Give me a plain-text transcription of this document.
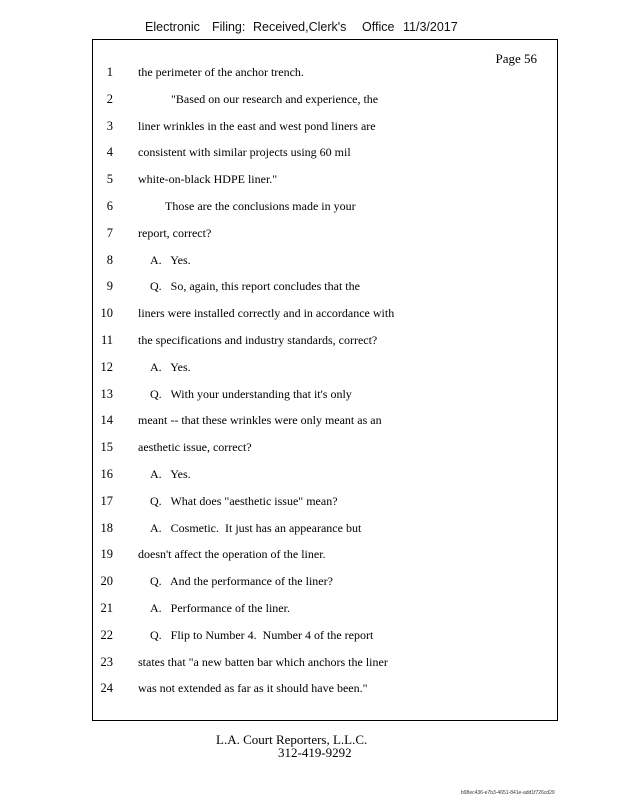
Electronic Filing: Received,Clerk's Office 11/3/2017
Page 56
1 the perimeter of the anchor trench.
2	"Based on our research and experience, the
3 liner wrinkles in the east and west pond liners are
4 consistent with similar projects using 60 mil
5 white-on-black HDPE liner."
6	Those are the conclusions made in your
7 report, correct?
8	A.   Yes.
9	Q.   So, again, this report concludes that the
10 liners were installed correctly and in accordance with
11 the specifications and industry standards, correct?
12	A.   Yes.
13	Q.   With your understanding that it's only
14 meant -- that these wrinkles were only meant as an
15 aesthetic issue, correct?
16	A.   Yes.
17	Q.   What does "aesthetic issue" mean?
18	A.   Cosmetic.  It just has an appearance but
19 doesn't affect the operation of the liner.
20	Q.   And the performance of the liner?
21	A.   Performance of the liner.
22	Q.   Flip to Number 4.  Number 4 of the report
23 states that "a new batten bar which anchors the liner
24 was not extended as far as it should have been."
L.A. Court Reporters, L.L.C.
312-419-9292
b98ec436-e7b3-4651-841e-add1f726cd29
